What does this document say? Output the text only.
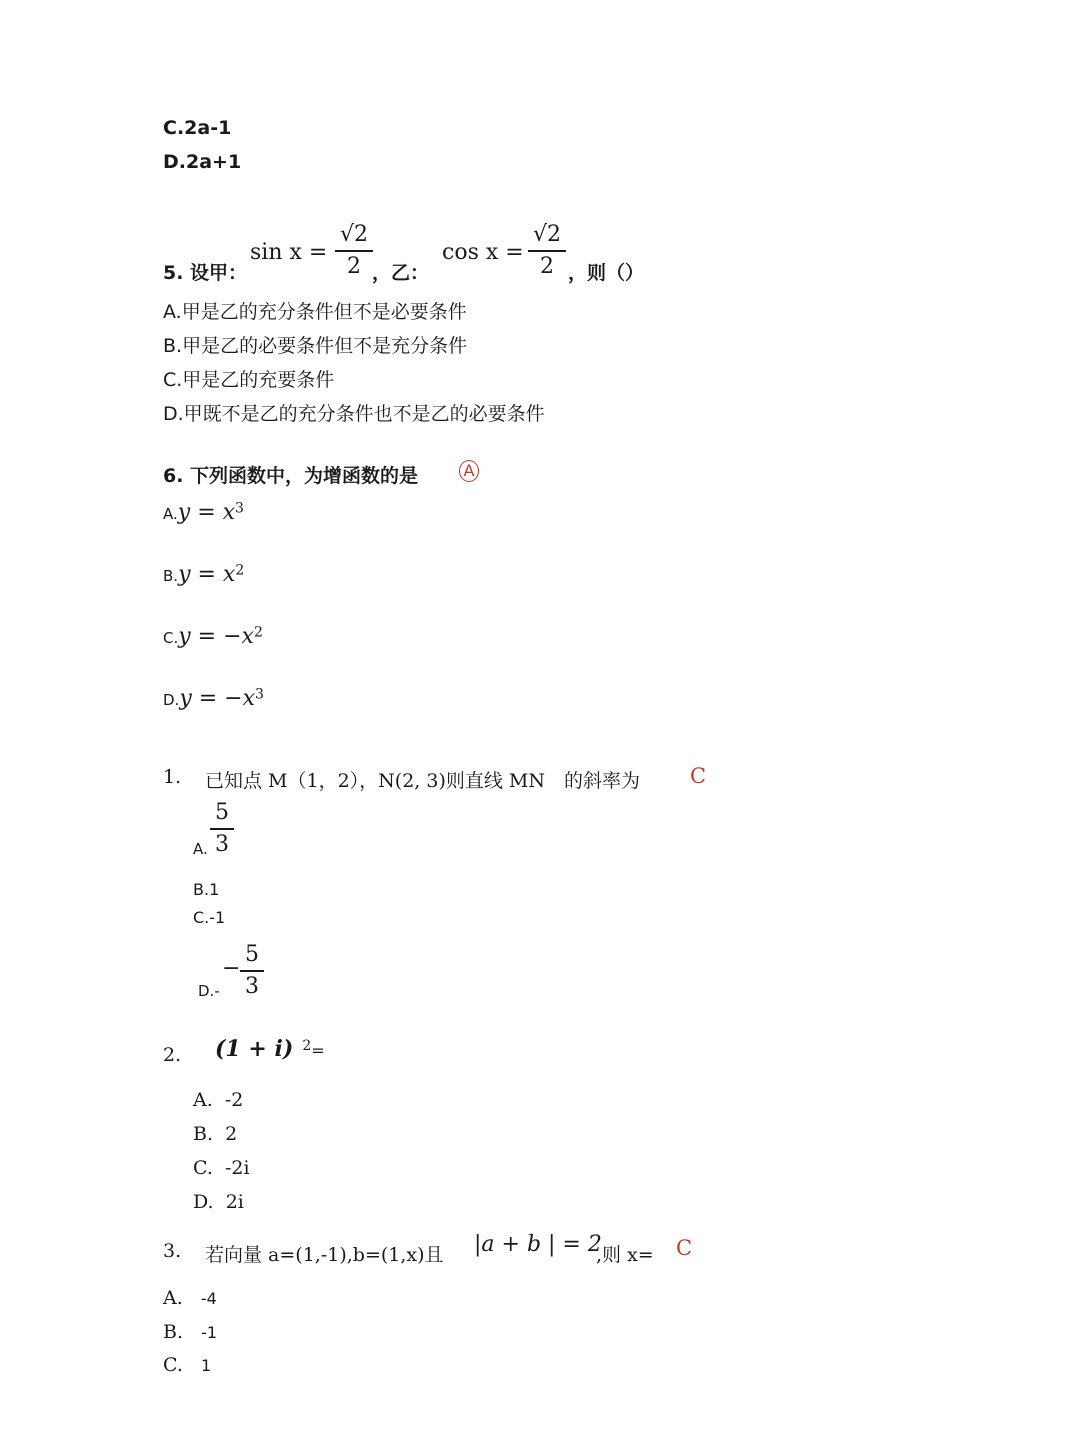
C.2a-1
D.2a+1
5. 设甲：
sin x =
√2
2 ，乙：
cos x =
√2
2 ，则（）
A.甲是乙的充分条件但不是必要条件
B.甲是乙的必要条件但不是充分条件
C.甲是乙的充要条件
D.甲既不是乙的充分条件也不是乙的必要条件
6. 下列函数中，为增函数的是	A
A.y = x3
B.y = x2
C.y = −x2
D.y = −x3
1. 已知点 M（1，2），N(2, 3)则直线 MN　的斜率为 C
A.
5
3
B.1
C.-1
D.-
−
5
3
2. (1 + i) 2=
A. -2
B. 2
C. -2i
D. 2i
3. 若向量 a=(1,-1),b=(1,x)且 |a + b | = 2
,则 x= C
A. -4
B. -1
C. 1
